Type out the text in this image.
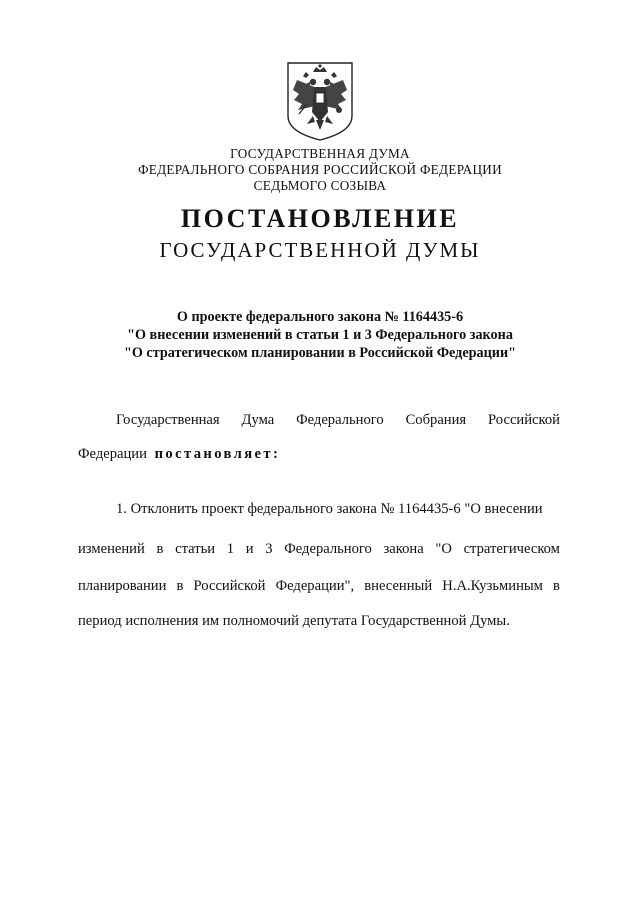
ГОСУДАРСТВЕННАЯ ДУМА
ФЕДЕРАЛЬНОГО СОБРАНИЯ РОССИЙСКОЙ ФЕДЕРАЦИИ
СЕДЬМОГО СОЗЫВА
ПОСТАНОВЛЕНИЕ
ГОСУДАРСТВЕННОЙ ДУМЫ
О проекте федерального закона № 1164435-6
"О внесении изменений в статьи 1 и 3 Федерального закона
"О стратегическом планировании в Российской Федерации"
Государственная Дума Федерального Собрания Российской
Федерации постановляет:
1. Отклонить проект федерального закона № 1164435-6 "О внесении
изменений в статьи 1 и 3 Федерального закона "О стратегическом
планировании в Российской Федерации", внесенный Н.А.Кузьминым в
период исполнения им полномочий депутата Государственной Думы.
